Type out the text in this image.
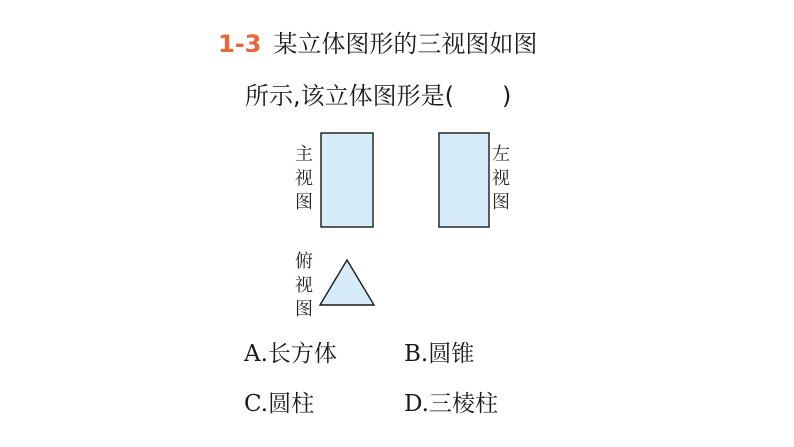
1-3 某立体图形的三视图如图
所示,该立体图形是(　　)
主
视
图
左
视
图
俯
视
图
A.长方体	B.圆锥
C.圆柱	D.三棱柱
